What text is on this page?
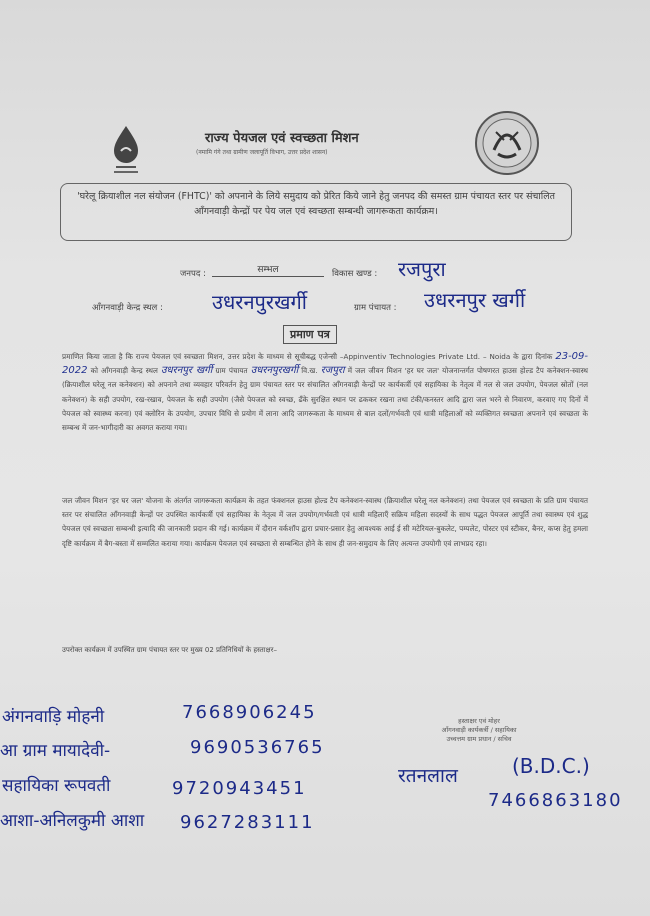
राज्य पेयजल एवं स्वच्छता मिशन
(नमामि गंगे तथा ग्रामीण जलापूर्ति विभाग, उत्तर प्रदेश शासन)
'घरेलू क्रियाशील नल संयोजन (FHTC)' को अपनाने के लिये समुदाय को प्रेरित किये जाने हेतु जनपद की समस्त ग्राम पंचायत स्तर पर संचालित आँगनवाड़ी केन्द्रों पर पेय जल एवं स्वच्छता सम्बन्धी जागरूकता कार्यक्रम।
जनपद :	सम्भल	विकास खण्ड : रजपुरा
आँगनवाड़ी केन्द्र स्थल : उधरनपुरखर्गी	ग्राम पंचायत : उधरनपुर खर्गी
प्रमाण पत्र
प्रमाणित किया जाता है कि राज्य पेयजल एवं स्वच्छता मिशन, उत्तर प्रदेश के माध्यम से सूचीबद्ध एजेन्सी –Appinventiv Technologies Private Ltd. – Noida के द्वारा दिनांक 23-09-2022 को आँगनवाड़ी केन्द्र स्थल उधरनपुर खर्गी ग्राम पंचायत उधरनपुरखर्गी वि.ख. रजपुरा में जल जीवन मिशन 'हर घर जल' योजनान्तर्गत पोषणरत हाउस होल्ड टैप कनेक्शन-स्वास्थ (क्रियाशील घरेलू नल कनेक्शन) को अपनाने तथा व्यवहार परिवर्तन हेतु ग्राम पंचायत स्तर पर संचालित आँगनवाड़ी केन्द्रों पर कार्यकर्त्री एवं सहायिका के नेतृत्व में नल से जल उपयोग, पेयजल स्रोतों (नल कनेक्शन) के सही उपयोग, रख-रखाव, पेयजल के सही उपयोग (जैसे पेयजल को स्वच्छ, ढँके सुरक्षित स्थान पर ढककर रखना तथा टंकी/कनस्तर आदि द्वारा जल भरने से निवारण, करवाए गए दिनों में पेयजल को स्वास्थ्य करना) एवं क्लोरिन के उपयोग, उपचार विधि से प्रयोग में लाना आदि जागरूकता के माध्यम से बाल दलों/गर्भवती एवं धात्री महिलाओं को व्यक्तिगत स्वच्छता अपनाने एवं स्वच्छता के सम्बन्ध में जन-भागीदारी का अवगत कराया गया।
जल जीवन मिशन 'हर घर जल' योजना के अंतर्गत जागरूकता कार्यक्रम के तहत फंक्शनल हाउस होल्ड टैप कनेक्शन-स्वास्थ (क्रियाशील घरेलू नल कनेक्शन) तथा पेयजल एवं स्वच्छता के प्रति ग्राम पंचायत स्तर पर संचालित आँगनवाड़ी केन्द्रों पर उपस्थित कार्यकर्त्री एवं सहायिका के नेतृत्व में जल उपयोग/गर्भवती एवं धात्री महिलाएँ सक्रिय महिला सदस्यों के साथ पद्धत पेयजल आपूर्ति तथा स्वास्थ्य एवं शुद्ध पेयजल एवं स्वच्छता सम्बन्धी इत्यादि की जानकारी प्रदान की गई। कार्यक्रम में दौरान वर्कशॉप द्वारा प्रचार-प्रसार हेतु आवश्यक आई ई सी मटेरियल-बुकलेट, पम्पलेट, पोस्टर एवं स्टीकर, बैनर, कप्स हेतु हमला दृष्टि कार्यक्रम में बैग-बस्ता में सम्मलित कराया गया। कार्यक्रम पेयजल एवं स्वच्छता से सम्बन्धित होने के साथ ही जन-समुदाय के लिए अत्यन्त उपयोगी एवं लाभप्रद रहा।
उपरोक्त कार्यक्रम में उपस्थित ग्राम पंचायत स्तर पर मुख्य 02 प्रतिनिधियों के हस्ताक्षर–
हस्ताक्षर एवं मोहर
आँगनवाड़ी कार्यकर्त्री / सहायिका
उच्चत्तम ग्राम प्रधान / सचिव
अंगनवाड़ि मोहनी	7668906245
आ ग्राम मायादेवी-	9690536765
सहायिका रूपवती	9720943451
आशा-अनिलकुमी आशा 9627283111
रतनलाल	(B.D.C.)
7466863180
